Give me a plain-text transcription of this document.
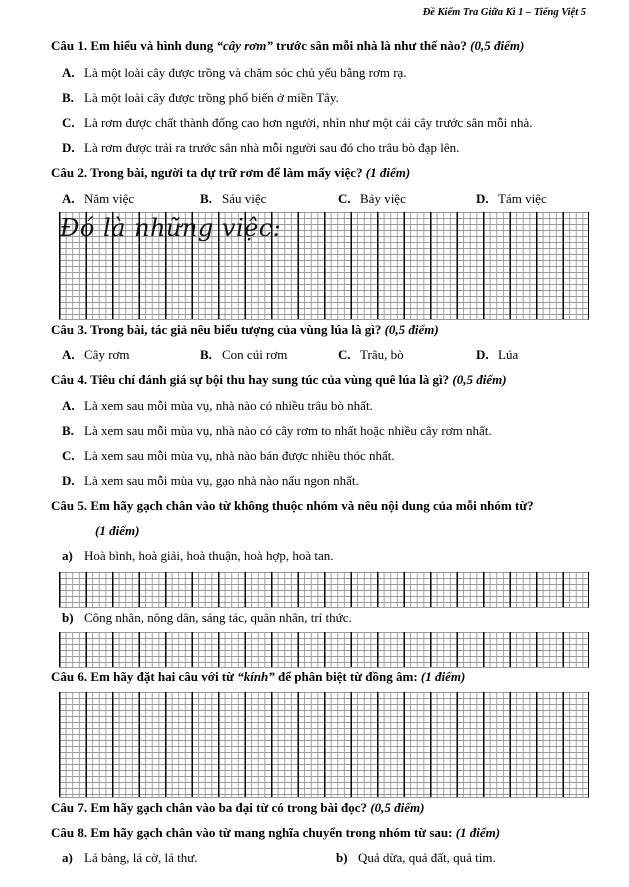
Đề Kiểm Tra Giữa Kì 1 – Tiếng Việt 5
Câu 1. Em hiểu và hình dung “cây rơm” trước sân mỗi nhà là như thế nào? (0,5 điểm)
A. Là một loài cây được trồng và chăm sóc chủ yếu bằng rơm rạ.
B. Là một loài cây được trồng phổ biến ở miền Tây.
C. Là rơm được chất thành đống cao hơn người, nhìn như một cái cây trước sân mỗi nhà.
D. Là rơm được trải ra trước sân nhà mỗi người sau đó cho trâu bò đạp lên.
Câu 2. Trong bài, người ta dự trữ rơm để làm mấy việc? (1 điểm)
A. Năm việc	B. Sáu việc	C. Bảy việc	D. Tám việc
Đó là những việc:
Câu 3. Trong bài, tác giả nêu biểu tượng của vùng lúa là gì? (0,5 điểm)
A. Cây rơm	B. Con cúi rơm	C. Trâu, bò	D. Lúa
Câu 4. Tiêu chí đánh giá sự bội thu hay sung túc của vùng quê lúa là gì? (0,5 điểm)
A. Là xem sau mỗi mùa vụ, nhà nào có nhiều trâu bò nhất.
B. Là xem sau mỗi mùa vụ, nhà nào có cây rơm to nhất hoặc nhiều cây rơm nhất.
C. Là xem sau mỗi mùa vụ, nhà nào bán được nhiều thóc nhất.
D. Là xem sau mỗi mùa vụ, gạo nhà nào nấu ngon nhất.
Câu 5. Em hãy gạch chân vào từ không thuộc nhóm và nêu nội dung của mỗi nhóm từ?
(1 điểm)
a) Hoà bình, hoà giải, hoà thuận, hoà hợp, hoà tan.
b) Công nhân, nông dân, sáng tác, quân nhân, trí thức.
Câu 6. Em hãy đặt hai câu với từ “kính” để phân biệt từ đồng âm: (1 điểm)
Câu 7. Em hãy gạch chân vào ba đại từ có trong bài đọc? (0,5 điểm)
Câu 8. Em hãy gạch chân vào từ mang nghĩa chuyển trong nhóm từ sau: (1 điểm)
a) Lá bàng, lá cờ, lá thư.	b) Quả dừa, quả đất, quả tim.
